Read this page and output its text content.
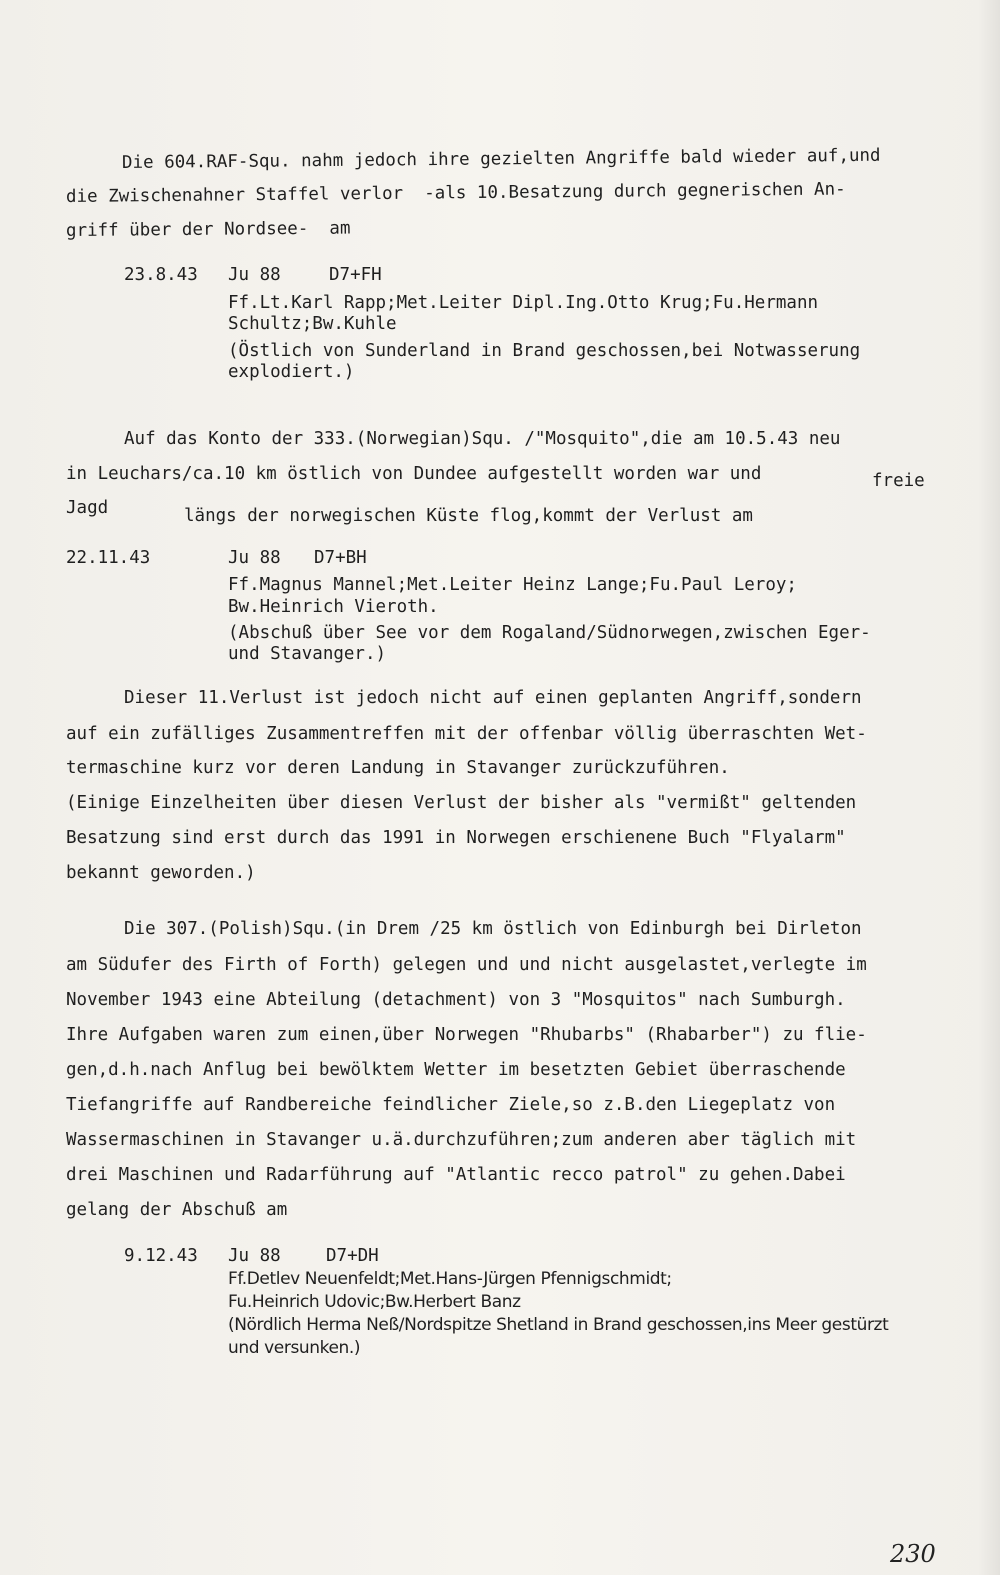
Die 604.RAF-Squ. nahm jedoch ihre gezielten Angriffe bald wieder auf,und
die Zwischenahner Staffel verlor  -als 10.Besatzung durch gegnerischen An-
griff über der Nordsee-  am
23.8.43 Ju 88	D7+FH
Ff.Lt.Karl Rapp;Met.Leiter Dipl.Ing.Otto Krug;Fu.Hermann
Schultz;Bw.Kuhle
(Östlich von Sunderland in Brand geschossen,bei Notwasserung
explodiert.)
Auf das Konto der 333.(Norwegian)Squ. /"Mosquito",die am 10.5.43 neu
in Leuchars/ca.10 km östlich von Dundee aufgestellt worden war und	freie
Jagd	längs der norwegischen Küste flog,kommt der Verlust am
22.11.43	Ju 88 D7+BH
Ff.Magnus Mannel;Met.Leiter Heinz Lange;Fu.Paul Leroy;
Bw.Heinrich Vieroth.
(Abschuß über See vor dem Rogaland/Südnorwegen,zwischen Eger-
und Stavanger.)
Dieser 11.Verlust ist jedoch nicht auf einen geplanten Angriff,sondern
auf ein zufälliges Zusammentreffen mit der offenbar völlig überraschten Wet-
termaschine kurz vor deren Landung in Stavanger zurückzuführen.
(Einige Einzelheiten über diesen Verlust der bisher als "vermißt" geltenden
Besatzung sind erst durch das 1991 in Norwegen erschienene Buch "Flyalarm"
bekannt geworden.)
Die 307.(Polish)Squ.(in Drem /25 km östlich von Edinburgh bei Dirleton
am Südufer des Firth of Forth) gelegen und und nicht ausgelastet,verlegte im
November 1943 eine Abteilung (detachment) von 3 "Mosquitos" nach Sumburgh.
Ihre Aufgaben waren zum einen,über Norwegen "Rhubarbs" (Rhabarber") zu flie-
gen,d.h.nach Anflug bei bewölktem Wetter im besetzten Gebiet überraschende
Tiefangriffe auf Randbereiche feindlicher Ziele,so z.B.den Liegeplatz von
Wassermaschinen in Stavanger u.ä.durchzuführen;zum anderen aber täglich mit
drei Maschinen und Radarführung auf "Atlantic recco patrol" zu gehen.Dabei
gelang der Abschuß am
9.12.43 Ju 88	D7+DH
Ff.Detlev Neuenfeldt;Met.Hans-Jürgen Pfennigschmidt;
Fu.Heinrich Udovic;Bw.Herbert Banz
(Nördlich Herma Neß/Nordspitze Shetland in Brand geschossen,ins Meer gestürzt
und versunken.)
230
